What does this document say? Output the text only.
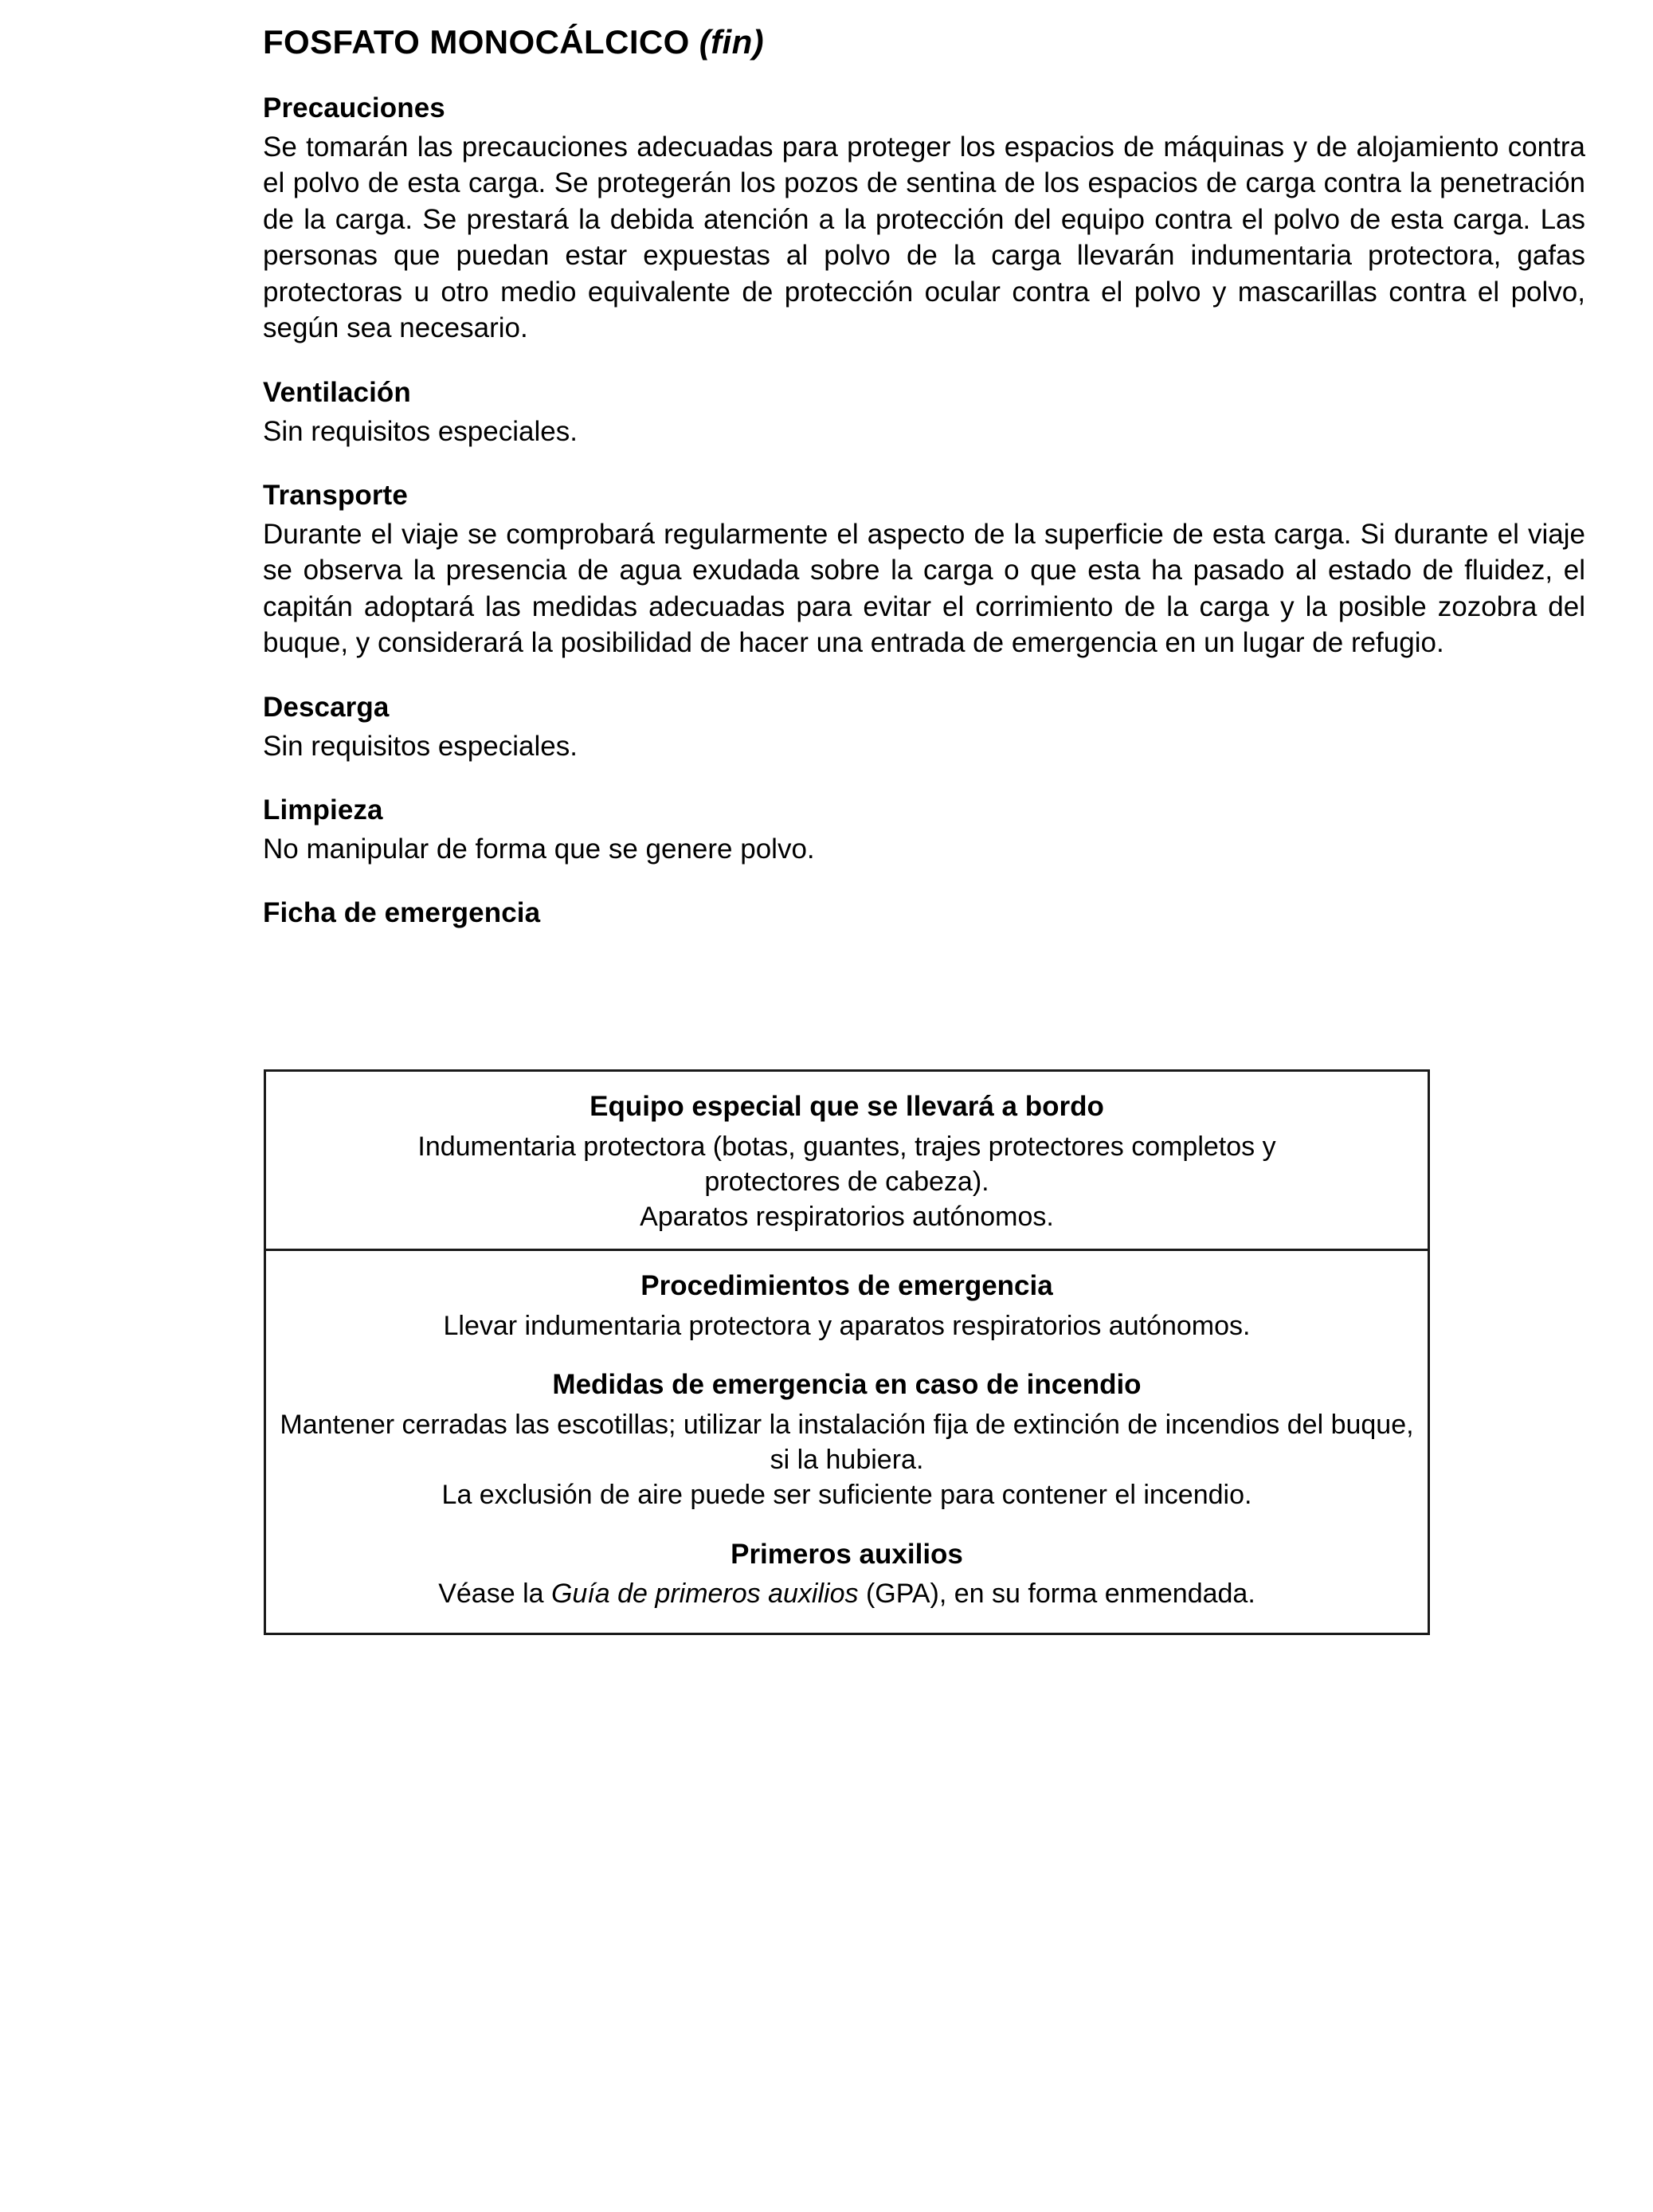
FOSFATO MONOCÁLCICO (fin)
Precauciones

Se tomarán las precauciones adecuadas para proteger los espacios de máquinas y de alojamiento contra el polvo de esta carga. Se protegerán los pozos de sentina de los espacios de carga contra la penetración de la carga. Se prestará la debida atención a la protección del equipo contra el polvo de esta carga. Las personas que puedan estar expuestas al polvo de la carga llevarán indumentaria protectora, gafas protectoras u otro medio equivalente de protección ocular contra el polvo y mascarillas contra el polvo, según sea necesario.

Ventilación

Sin requisitos especiales.

Transporte

Durante el viaje se comprobará regularmente el aspecto de la superficie de esta carga. Si durante el viaje se observa la presencia de agua exudada sobre la carga o que esta ha pasado al estado de fluidez, el capitán adoptará las medidas adecuadas para evitar el corrimiento de la carga y la posible zozobra del buque, y considerará la posibilidad de hacer una entrada de emergencia en un lugar de refugio.

Descarga

Sin requisitos especiales.

Limpieza

No manipular de forma que se genere polvo.

Ficha de emergencia
Equipo especial que se llevará a bordo

Indumentaria protectora (botas, guantes, trajes protectores completos y

protectores de cabeza).

Aparatos respiratorios autónomos.

Procedimientos de emergencia

Llevar indumentaria protectora y aparatos respiratorios autónomos.

Medidas de emergencia en caso de incendio

Mantener cerradas las escotillas; utilizar la instalación fija de extinción de incendios del buque,

si la hubiera.

La exclusión de aire puede ser suficiente para contener el incendio.

Primeros auxilios

Véase la Guía de primeros auxilios (GPA), en su forma enmendada.
